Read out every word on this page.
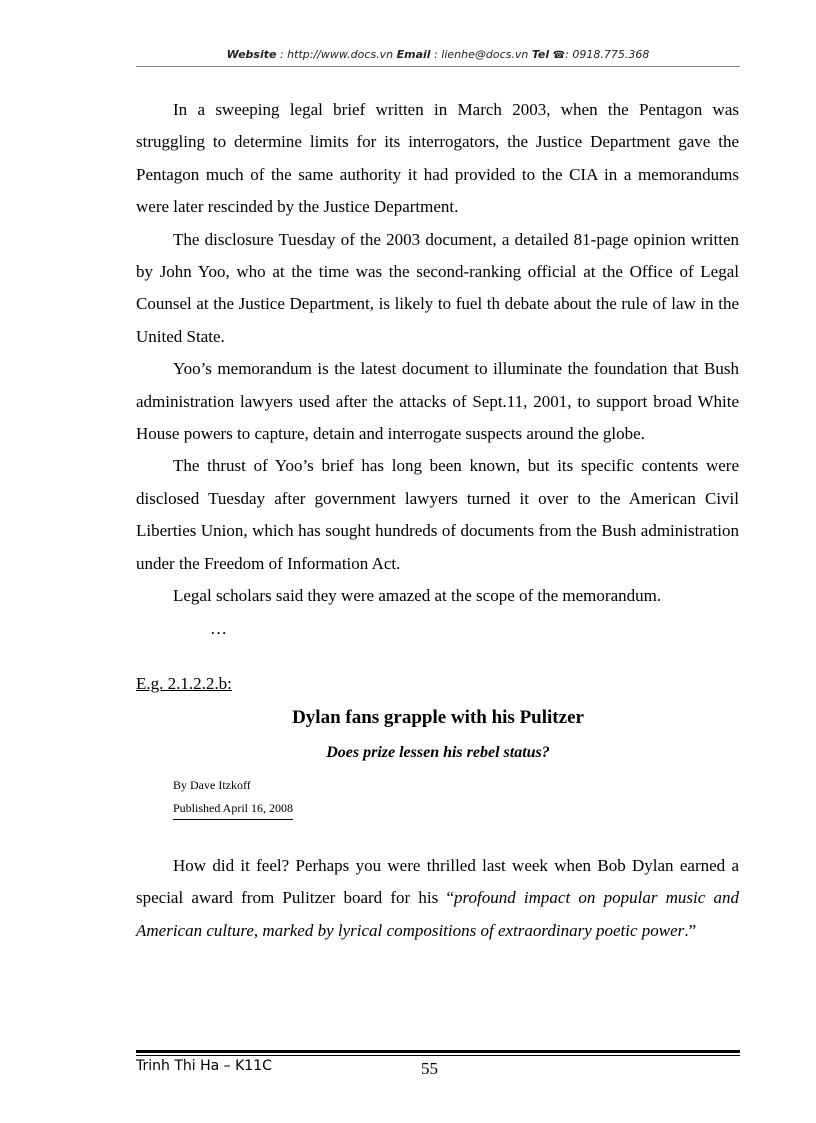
Website : http://www.docs.vn Email : lienhe@docs.vn Tel ☎: 0918.775.368

In a sweeping legal brief written in March 2003, when the Pentagon was struggling to determine limits for its interrogators, the Justice Department gave the Pentagon much of the same authority it had provided to the CIA in a memorandums were later rescinded by the Justice Department.

The disclosure Tuesday of the 2003 document, a detailed 81-page opinion written by John Yoo, who at the time was the second-ranking official at the Office of Legal Counsel at the Justice Department, is likely to fuel th debate about the rule of law in the United State.

Yoo’s memorandum is the latest document to illuminate the foundation that Bush administration lawyers used after the attacks of Sept.11, 2001, to support broad White House powers to capture, detain and interrogate suspects around the globe.

The thrust of Yoo’s brief has long been known, but its specific contents were disclosed Tuesday after government lawyers turned it over to the American Civil Liberties Union, which has sought hundreds of documents from the Bush administration under the Freedom of Information Act.

Legal scholars said they were amazed at the scope of the memorandum.

…

E.g. 2.1.2.2.b:
Dylan fans grapple with his Pulitzer
Does prize lessen his rebel status?
By Dave Itzkoff
Published April 16, 2008

How did it feel? Perhaps you were thrilled last week when Bob Dylan earned a special award from Pulitzer board for his “profound impact on popular music and American culture, marked by lyrical compositions of extraordinary poetic power.”

Trinh Thi Ha – K11C	55
